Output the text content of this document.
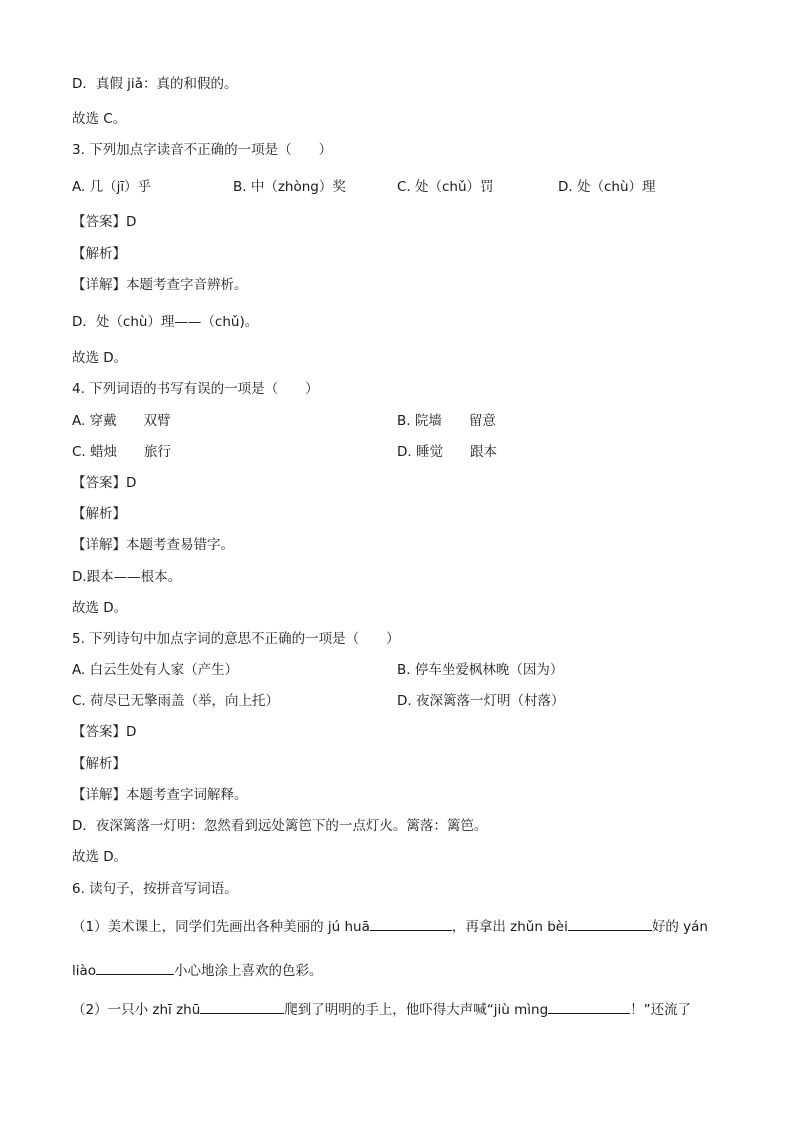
D．真假 jiǎ：真的和假的。
故选 C。
3. 下列加点字读音不正确的一项是（　　）
A. 几（jī）乎	B. 中（zhòng）奖	C. 处（chǔ）罚	D. 处（chù）理
【答案】D
【解析】
【详解】本题考查字音辨析。
D．处（chù）理——（chǔ)。
故选 D。
4. 下列词语的书写有误的一项是（　　）
A. 穿戴　　双臂	B. 院墙　　留意
C. 蜡烛　　旅行	D. 睡觉　　跟本
【答案】D
【解析】
【详解】本题考查易错字。
D.跟本——根本。
故选 D。
5. 下列诗句中加点字词的意思不正确的一项是（　　）
A. 白云生处有人家（产生）	B. 停车坐爱枫林晚（因为）
C. 荷尽已无擎雨盖（举，向上托）	D. 夜深篱落一灯明（村落）
【答案】D
【解析】
【详解】本题考查字词解释。
D．夜深篱落一灯明：忽然看到远处篱笆下的一点灯火。篱落：篱笆。
故选 D。
6. 读句子，按拼音写词语。
（1）美术课上，同学们先画出各种美丽的 jú huā	，再拿出 zhǔn bèi	好的 yán
liào	小心地涂上喜欢的色彩。
（2）一只小 zhī zhū	爬到了明明的手上，他吓得大声喊“jiù mìng	！”还流了
